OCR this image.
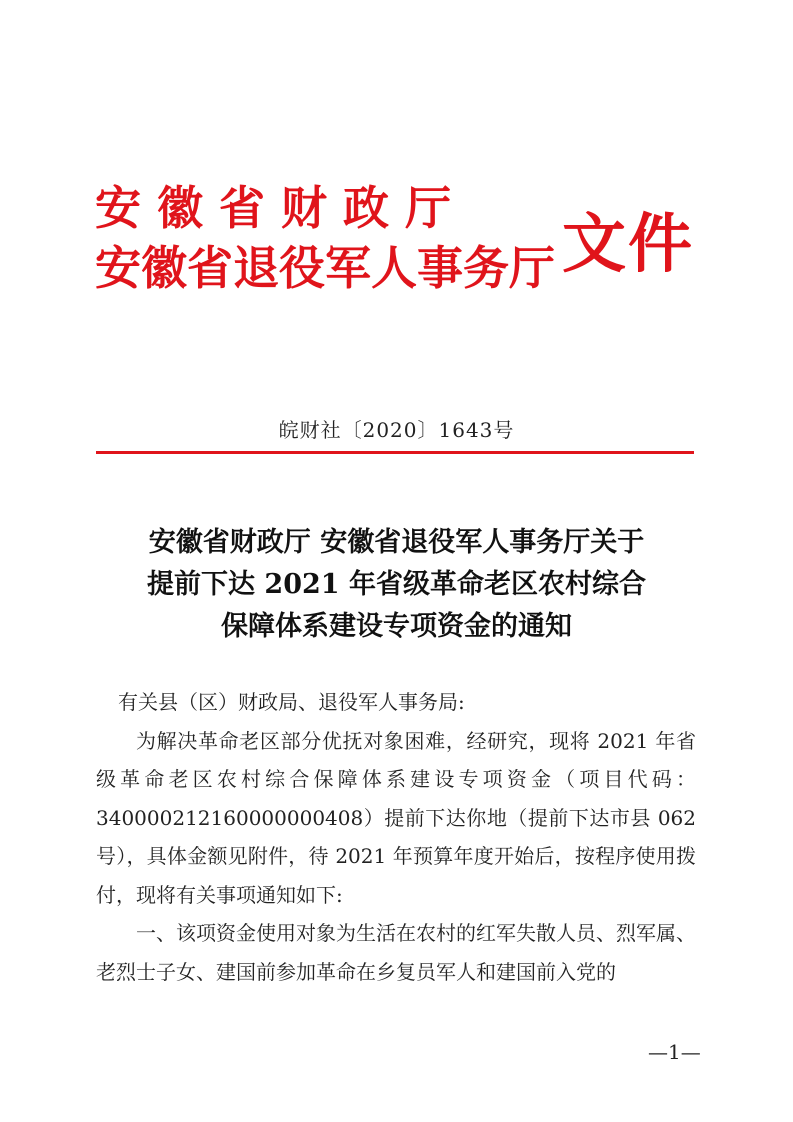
安 徽 省 财 政 厅
安徽省退役军人事务厅 文件
皖财社〔2020〕1643号
安徽省财政厅 安徽省退役军人事务厅关于
提前下达 2021 年省级革命老区农村综合
保障体系建设专项资金的通知

有关县（区）财政局、退役军人事务局:

为解决革命老区部分优抚对象困难，经研究，现将 2021 年省级革命老区农村综合保障体系建设专项资金（项目代码：340000212160000000408）提前下达你地（提前下达市县 062 号），具体金额见附件，待 2021 年预算年度开始后，按程序使用拨付，现将有关事项通知如下:

一、该项资金使用对象为生活在农村的红军失散人员、烈军属、老烈士子女、建国前参加革命在乡复员军人和建国前入党的

—1—
